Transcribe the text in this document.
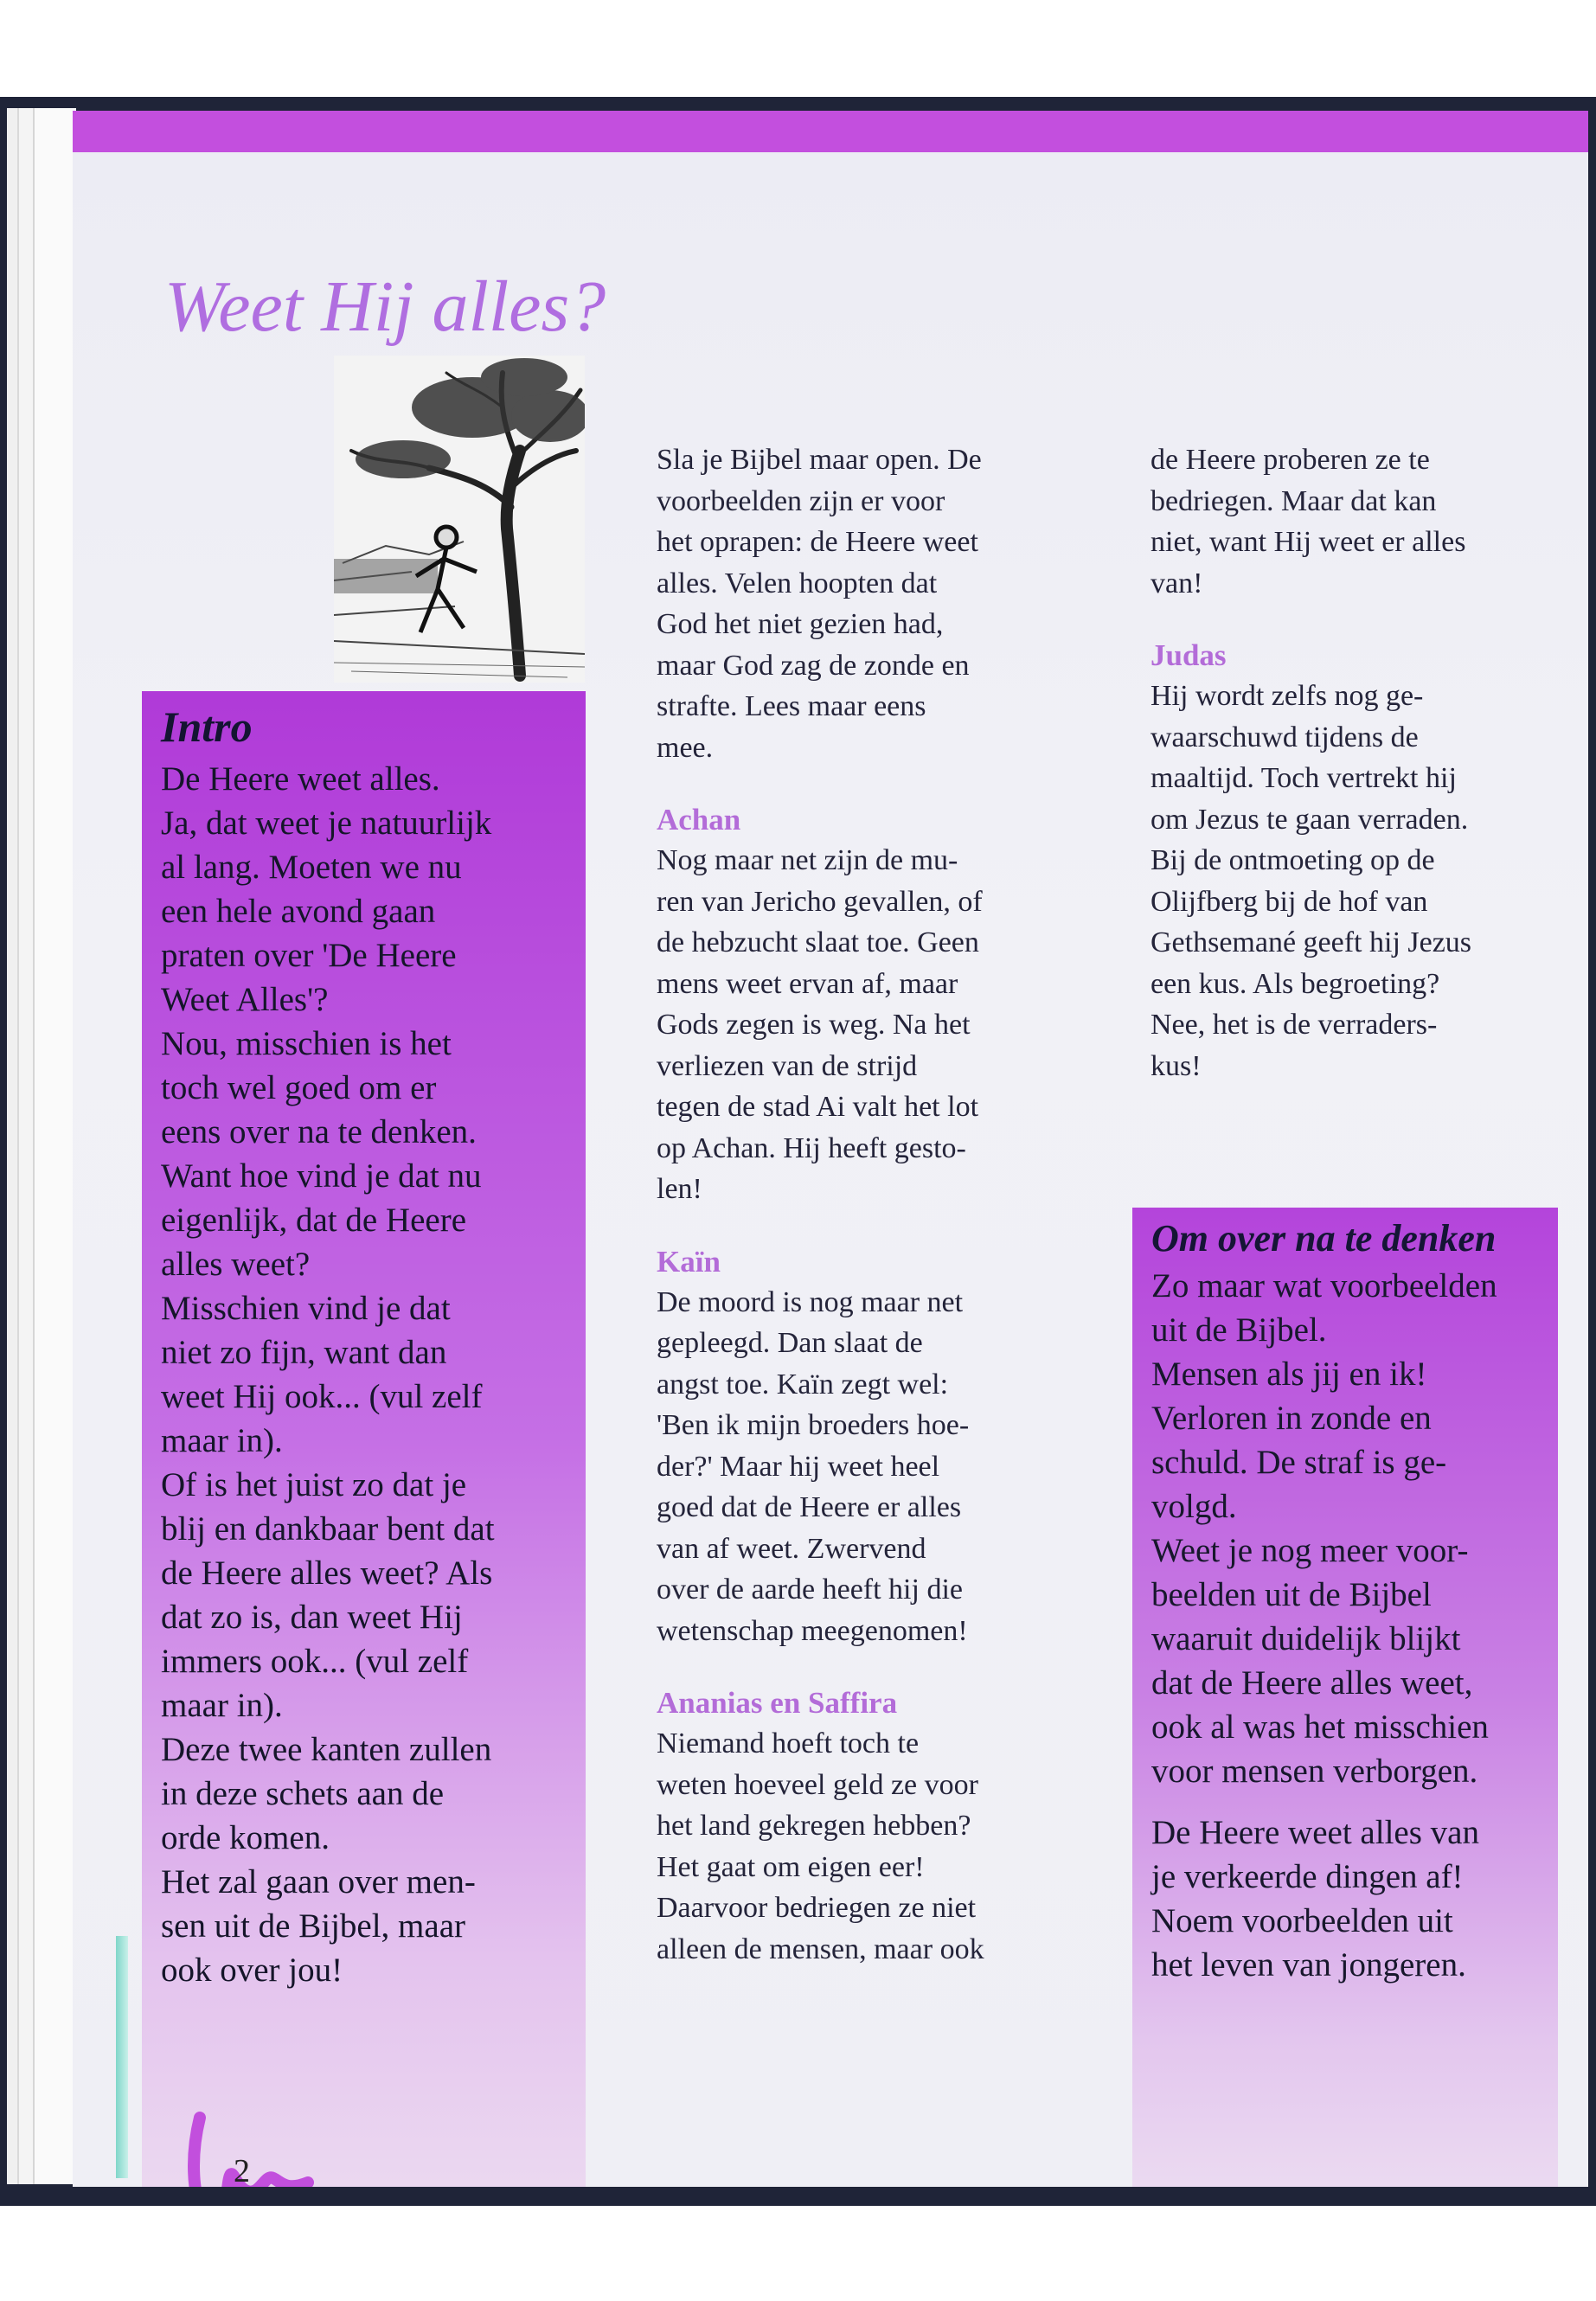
Weet Hij alles?
Intro

De Heere weet alles.
Ja, dat weet je natuurlijk
al lang. Moeten we nu
een hele avond gaan
praten over 'De Heere
Weet Alles'?
Nou, misschien is het
toch wel goed om er
eens over na te denken.
Want hoe vind je dat nu
eigenlijk, dat de Heere
alles weet?
Misschien vind je dat
niet zo fijn, want dan
weet Hij ook... (vul zelf
maar in).
Of is het juist zo dat je
blij en dankbaar bent dat
de Heere alles weet? Als
dat zo is, dan weet Hij
immers ook... (vul zelf
maar in).
Deze twee kanten zullen
in deze schets aan de
orde komen.
Het zal gaan over men-
sen uit de Bijbel, maar
ook over jou!

Sla je Bijbel maar open. De
voorbeelden zijn er voor
het oprapen: de Heere weet
alles. Velen hoopten dat
God het niet gezien had,
maar God zag de zonde en
strafte. Lees maar eens
mee.

Achan

Nog maar net zijn de mu-
ren van Jericho gevallen, of
de hebzucht slaat toe. Geen
mens weet ervan af, maar
Gods zegen is weg. Na het
verliezen van de strijd
tegen de stad Ai valt het lot
op Achan. Hij heeft gesto-
len!

Kaïn

De moord is nog maar net
gepleegd. Dan slaat de
angst toe. Kaïn zegt wel:
'Ben ik mijn broeders hoe-
der?' Maar hij weet heel
goed dat de Heere er alles
van af weet. Zwervend
over de aarde heeft hij die
wetenschap meegenomen!

Ananias en Saffira

Niemand hoeft toch te
weten hoeveel geld ze voor
het land gekregen hebben?
Het gaat om eigen eer!
Daarvoor bedriegen ze niet
alleen de mensen, maar ook

de Heere proberen ze te
bedriegen. Maar dat kan
niet, want Hij weet er alles
van!

Judas

Hij wordt zelfs nog ge-
waarschuwd tijdens de
maaltijd. Toch vertrekt hij
om Jezus te gaan verraden.
Bij de ontmoeting op de
Olijfberg bij de hof van
Gethsemané geeft hij Jezus
een kus. Als begroeting?
Nee, het is de verraders-
kus!

Om over na te denken

Zo maar wat voorbeelden
uit de Bijbel.
Mensen als jij en ik!
Verloren in zonde en
schuld. De straf is ge-
volgd.
Weet je nog meer voor-
beelden uit de Bijbel
waaruit duidelijk blijkt
dat de Heere alles weet,
ook al was het misschien
voor mensen verborgen.

De Heere weet alles van
je verkeerde dingen af!
Noem voorbeelden uit
het leven van jongeren.

2
